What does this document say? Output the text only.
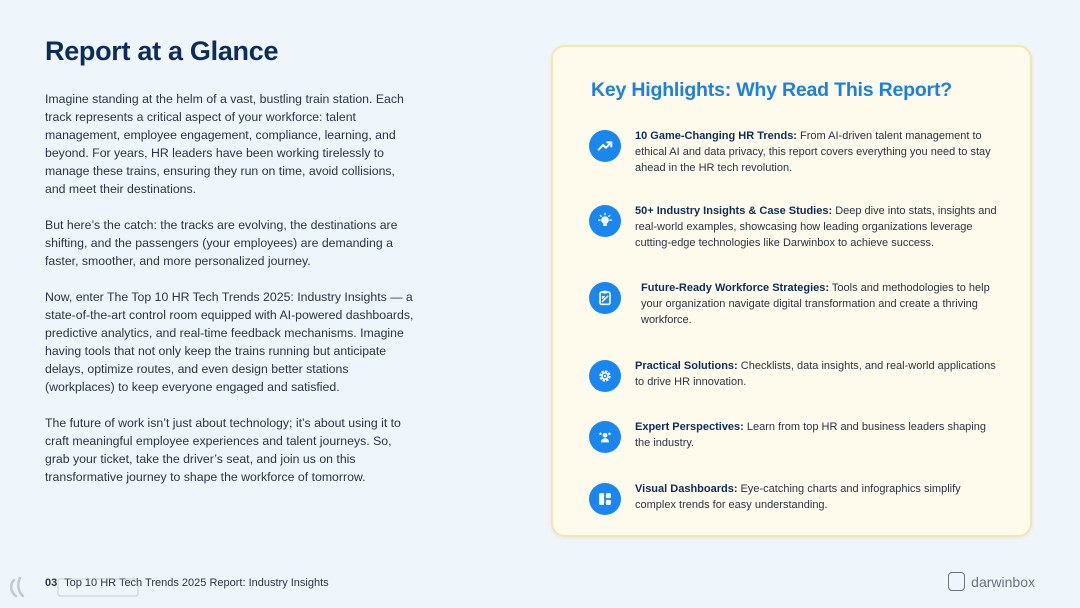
Report at a Glance

Imagine standing at the helm of a vast, bustling train station. Each track represents a critical aspect of your workforce: talent management, employee engagement, compliance, learning, and beyond. For years, HR leaders have been working tirelessly to manage these trains, ensuring they run on time, avoid collisions, and meet their destinations.

But here’s the catch: the tracks are evolving, the destinations are shifting, and the passengers (your employees) are demanding a faster, smoother, and more personalized journey.

Now, enter The Top 10 HR Tech Trends 2025: Industry Insights — a state-of-the-art control room equipped with AI-powered dashboards, predictive analytics, and real-time feedback mechanisms. Imagine having tools that not only keep the trains running but anticipate delays, optimize routes, and even design better stations (workplaces) to keep everyone engaged and satisfied.

The future of work isn’t just about technology; it’s about using it to craft meaningful employee experiences and talent journeys. So, grab your ticket, take the driver’s seat, and join us on this transformative journey to shape the workforce of tomorrow.

Key Highlights: Why Read This Report?
10 Game-Changing HR Trends: From AI-driven talent management to ethical AI and data privacy, this report covers everything you need to stay ahead in the HR tech revolution.
50+ Industry Insights & Case Studies: Deep dive into stats, insights and real-world examples, showcasing how leading organizations leverage cutting-edge technologies like Darwinbox to achieve success.
Future-Ready Workforce Strategies: Tools and methodologies to help your organization navigate digital transformation and create a thriving workforce.
Practical Solutions: Checklists, data insights, and real-world applications to drive HR innovation.
Expert Perspectives: Learn from top HR and business leaders shaping the industry.
Visual Dashboards: Eye-catching charts and infographics simplify complex trends for easy understanding.
03 Top 10 HR Tech Trends 2025 Report: Industry Insights	darwinbox
